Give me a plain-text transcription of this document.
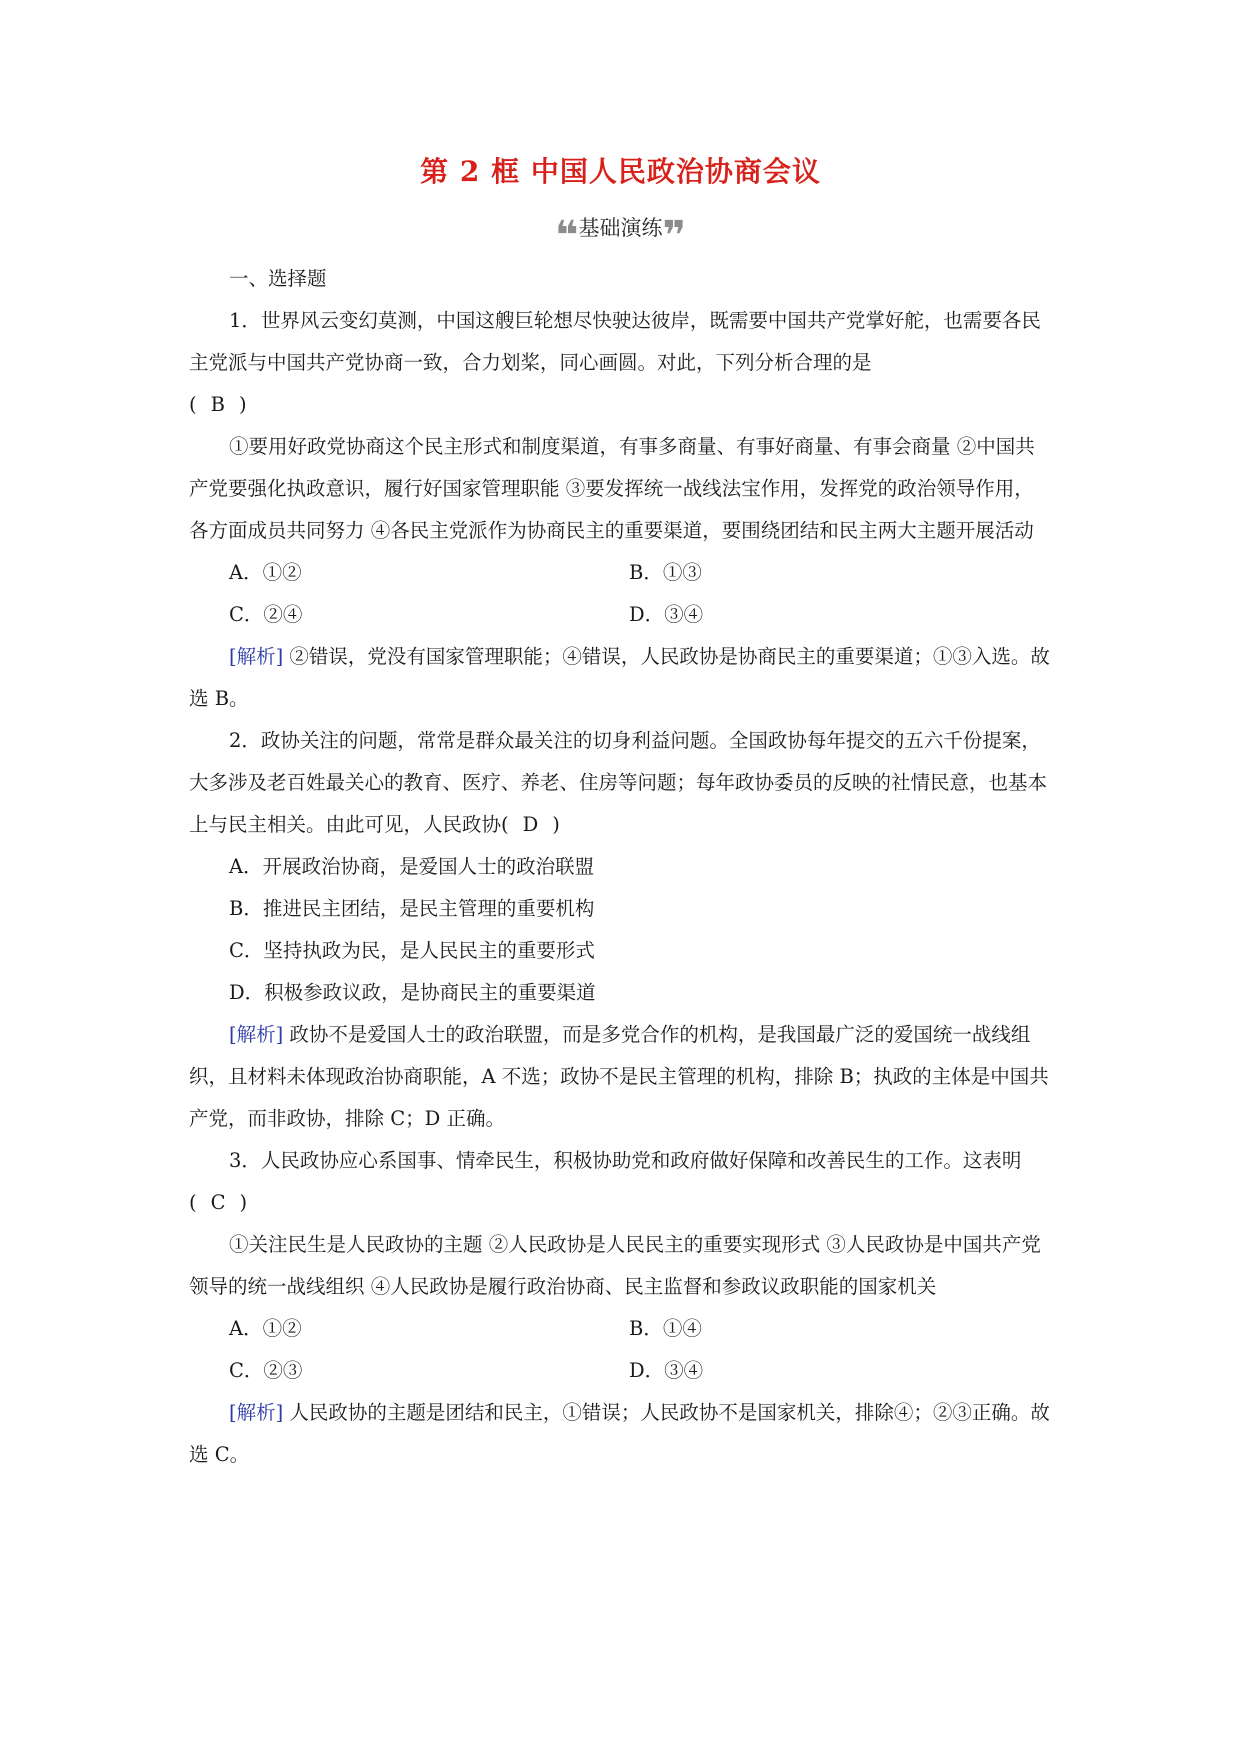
第 2 框 中国人民政治协商会议
❝基础演练❞

一、选择题

1．世界风云变幻莫测，中国这艘巨轮想尽快驶达彼岸，既需要中国共产党掌好舵，也需要各民主党派与中国共产党协商一致，合力划桨，同心画圆。对此，下列分析合理的是

( B )

①要用好政党协商这个民主形式和制度渠道，有事多商量、有事好商量、有事会商量 ②中国共产党要强化执政意识，履行好国家管理职能 ③要发挥统一战线法宝作用，发挥党的政治领导作用，各方面成员共同努力 ④各民主党派作为协商民主的重要渠道，要围绕团结和民主两大主题开展活动

A．①②	B．①③
C．②④	D．③④

[解析] ②错误，党没有国家管理职能；④错误，人民政协是协商民主的重要渠道；①③入选。故选 B。

2．政协关注的问题，常常是群众最关注的切身利益问题。全国政协每年提交的五六千份提案，大多涉及老百姓最关心的教育、医疗、养老、住房等问题；每年政协委员的反映的社情民意，也基本上与民主相关。由此可见，人民政协( D )

A．开展政治协商，是爱国人士的政治联盟

B．推进民主团结，是民主管理的重要机构

C．坚持执政为民，是人民民主的重要形式

D．积极参政议政，是协商民主的重要渠道

[解析] 政协不是爱国人士的政治联盟，而是多党合作的机构，是我国最广泛的爱国统一战线组织，且材料未体现政治协商职能，A 不选；政协不是民主管理的机构，排除 B；执政的主体是中国共产党，而非政协，排除 C；D 正确。

3．人民政协应心系国事、情牵民生，积极协助党和政府做好保障和改善民生的工作。这表明( C )

①关注民生是人民政协的主题 ②人民政协是人民民主的重要实现形式 ③人民政协是中国共产党领导的统一战线组织 ④人民政协是履行政治协商、民主监督和参政议政职能的国家机关

A．①②	B．①④
C．②③	D．③④

[解析] 人民政协的主题是团结和民主，①错误；人民政协不是国家机关，排除④；②③正确。故选 C。
